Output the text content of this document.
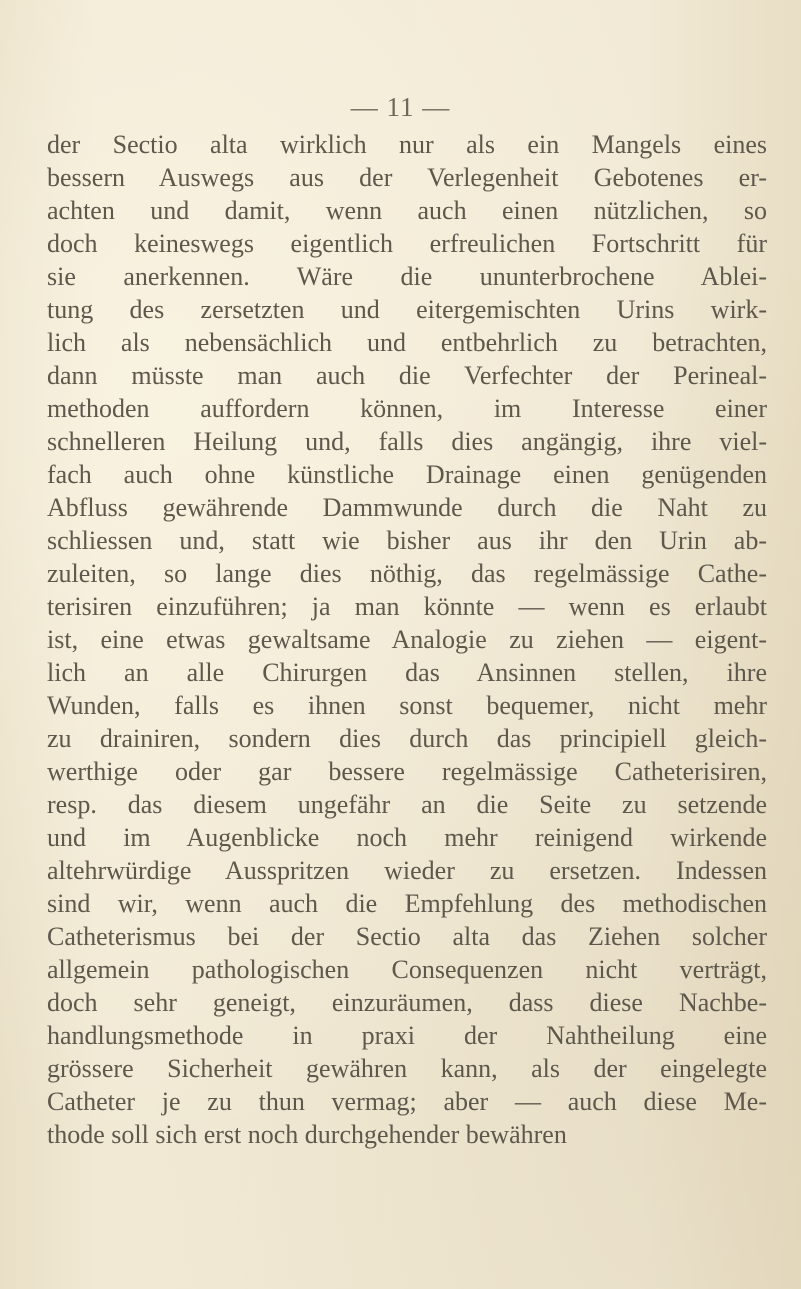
— 11 —
der Sectio alta wirklich nur als ein Mangels eines
bessern Auswegs aus der Verlegenheit Gebotenes er-
achten und damit, wenn auch einen nützlichen, so
doch keineswegs eigentlich erfreulichen Fortschritt für
sie anerkennen. Wäre die ununterbrochene Ablei-
tung des zersetzten und eitergemischten Urins wirk-
lich als nebensächlich und entbehrlich zu betrachten,
dann müsste man auch die Verfechter der Perineal-
methoden auffordern können, im Interesse einer
schnelleren Heilung und, falls dies angängig, ihre viel-
fach auch ohne künstliche Drainage einen genügenden
Abfluss gewährende Dammwunde durch die Naht zu
schliessen und, statt wie bisher aus ihr den Urin ab-
zuleiten, so lange dies nöthig, das regelmässige Cathe-
terisiren einzuführen; ja man könnte — wenn es erlaubt
ist, eine etwas gewaltsame Analogie zu ziehen — eigent-
lich an alle Chirurgen das Ansinnen stellen, ihre
Wunden, falls es ihnen sonst bequemer, nicht mehr
zu drainiren, sondern dies durch das principiell gleich-
werthige oder gar bessere regelmässige Catheterisiren,
resp. das diesem ungefähr an die Seite zu setzende
und im Augenblicke noch mehr reinigend wirkende
altehrwürdige Ausspritzen wieder zu ersetzen. Indessen
sind wir, wenn auch die Empfehlung des methodischen
Catheterismus bei der Sectio alta das Ziehen solcher
allgemein pathologischen Consequenzen nicht verträgt,
doch sehr geneigt, einzuräumen, dass diese Nachbe-
handlungsmethode in praxi der Nahtheilung eine
grössere Sicherheit gewähren kann, als der eingelegte
Catheter je zu thun vermag; aber — auch diese Me-
thode soll sich erst noch durchgehender bewähren
